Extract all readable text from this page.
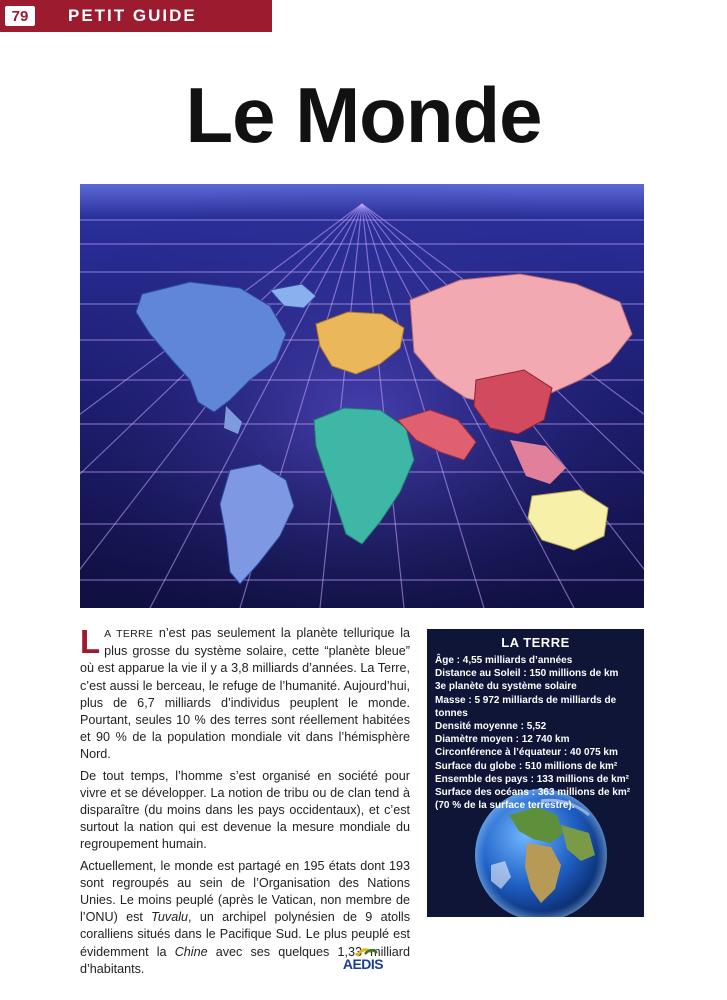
79	PETIT GUIDE
Le Monde

L A TERRE n’est pas seulement la planète tellurique la plus grosse du système solaire, cette “planète bleue” où est apparue la vie il y a 3,8 milliards d’années. La Terre, c’est aussi le berceau, le refuge de l’humanité. Aujourd’hui, plus de 6,7 milliards d’individus peuplent le monde. Pourtant, seules 10 % des terres sont réellement habitées et 90 % de la population mondiale vit dans l’hémisphère Nord.

De tout temps, l’homme s’est organisé en société pour vivre et se développer. La notion de tribu ou de clan tend à disparaître (du moins dans les pays occidentaux), et c’est surtout la nation qui est devenue la mesure mondiale du regroupement humain.

Actuellement, le monde est partagé en 195 états dont 193 sont regroupés au sein de l’Organisation des Nations Unies. Le moins peuplé (après le Vatican, non membre de l’ONU) est Tuvalu, un archipel polynésien de 9 atolls coralliens situés dans le Pacifique Sud. Le plus peuplé est évidemment la Chine avec ses quelques 1,33 milliard d’habitants.

LA TERRE
Âge : 4,55 milliards d’années
Distance au Soleil : 150 millions de km
3e planète du système solaire
Masse : 5 972 milliards de milliards de tonnes
Densité moyenne : 5,52
Diamètre moyen : 12 740 km
Circonférence à l’équateur : 40 075 km
Surface du globe : 510 millions de km²
Ensemble des pays : 133 millions de km²
Surface des océans : 363 millions de km² (70 % de la surface terrestre).
AEDIS
